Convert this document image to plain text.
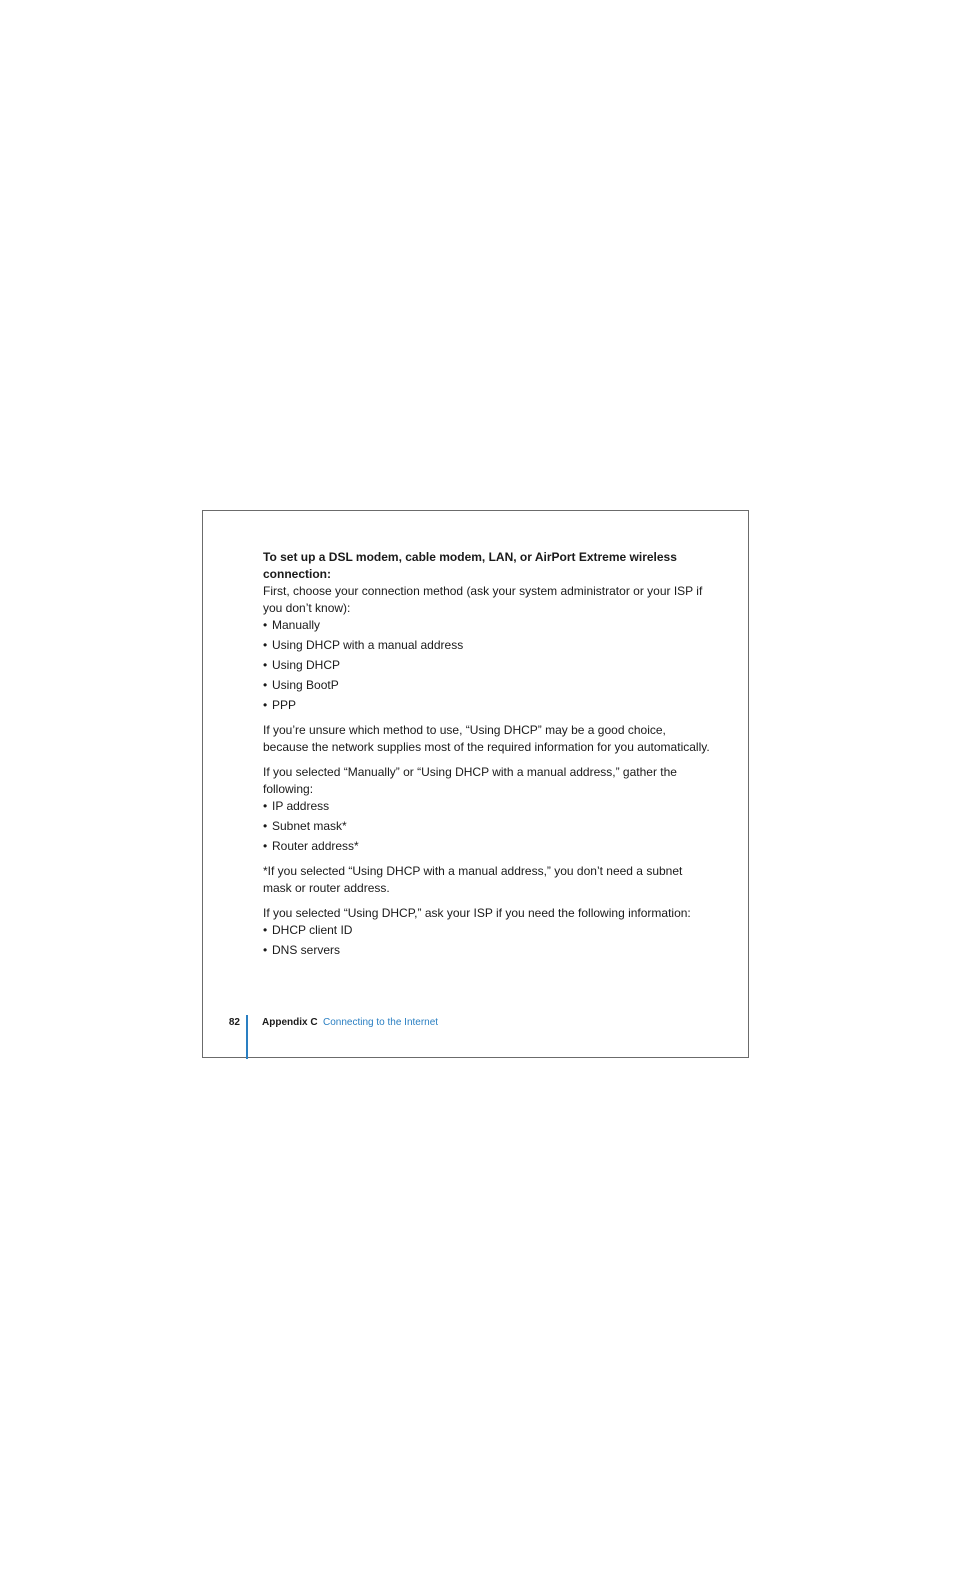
To set up a DSL modem, cable modem, LAN, or AirPort Extreme wireless connection:

First, choose your connection method (ask your system administrator or your ISP if you don’t know):

• Manually
• Using DHCP with a manual address
• Using DHCP
• Using BootP
• PPP

If you’re unsure which method to use, “Using DHCP” may be a good choice, because the network supplies most of the required information for you automatically.

If you selected “Manually” or “Using DHCP with a manual address,” gather the following:

• IP address
• Subnet mask*
• Router address*

*If you selected “Using DHCP with a manual address,” you don’t need a subnet mask or router address.

If you selected “Using DHCP,” ask your ISP if you need the following information:

• DHCP client ID
• DNS servers
82 Appendix C Connecting to the Internet
